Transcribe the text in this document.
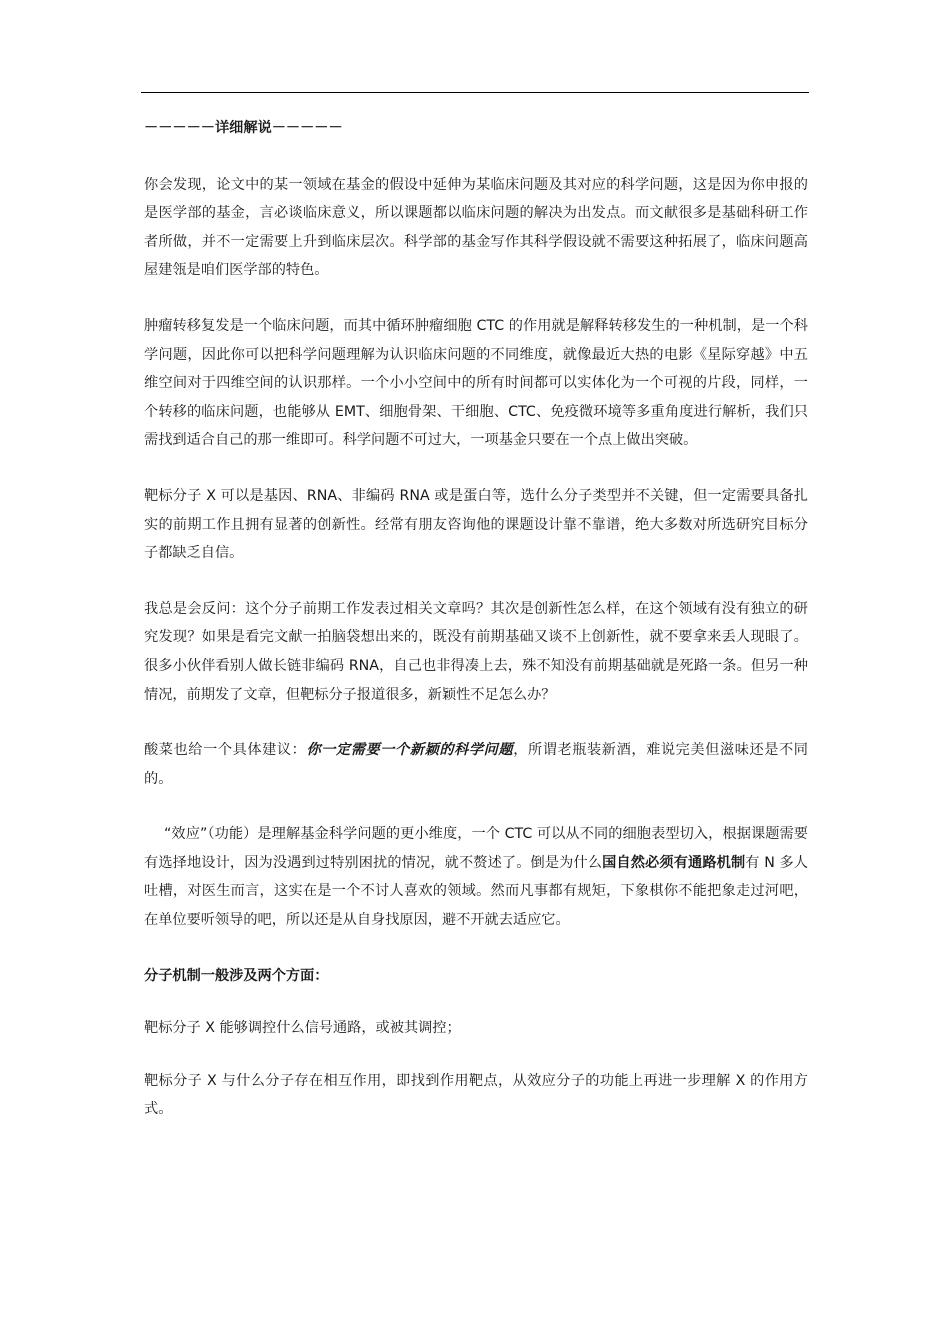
－－－－－详细解说－－－－－

你会发现，论文中的某一领域在基金的假设中延伸为某临床问题及其对应的科学问题，这是因为你申报的是医学部的基金，言必谈临床意义，所以课题都以临床问题的解决为出发点。而文献很多是基础科研工作者所做，并不一定需要上升到临床层次。科学部的基金写作其科学假设就不需要这种拓展了，临床问题高屋建瓴是咱们医学部的特色。

肿瘤转移复发是一个临床问题，而其中循环肿瘤细胞 CTC 的作用就是解释转移发生的一种机制，是一个科学问题，因此你可以把科学问题理解为认识临床问题的不同维度，就像最近大热的电影《星际穿越》中五维空间对于四维空间的认识那样。一个小小空间中的所有时间都可以实体化为一个可视的片段，同样，一个转移的临床问题，也能够从 EMT、细胞骨架、干细胞、CTC、免疫微环境等多重角度进行解析，我们只需找到适合自己的那一维即可。科学问题不可过大，一项基金只要在一个点上做出突破。

靶标分子 X 可以是基因、RNA、非编码 RNA 或是蛋白等，选什么分子类型并不关键，但一定需要具备扎实的前期工作且拥有显著的创新性。经常有朋友咨询他的课题设计靠不靠谱，绝大多数对所选研究目标分子都缺乏自信。

我总是会反问：这个分子前期工作发表过相关文章吗？其次是创新性怎么样，在这个领域有没有独立的研究发现？如果是看完文献一拍脑袋想出来的，既没有前期基础又谈不上创新性，就不要拿来丢人现眼了。很多小伙伴看别人做长链非编码 RNA，自己也非得凑上去，殊不知没有前期基础就是死路一条。但另一种情况，前期发了文章，但靶标分子报道很多，新颖性不足怎么办？

酸菜也给一个具体建议：你一定需要一个新颖的科学问题，所谓老瓶装新酒，难说完美但滋味还是不同的。

“效应”（功能）是理解基金科学问题的更小维度，一个 CTC 可以从不同的细胞表型切入，根据课题需要有选择地设计，因为没遇到过特别困扰的情况，就不赘述了。倒是为什么国自然必须有通路机制有 N 多人吐槽，对医生而言，这实在是一个不讨人喜欢的领域。然而凡事都有规矩，下象棋你不能把象走过河吧，在单位要听领导的吧，所以还是从自身找原因，避不开就去适应它。

分子机制一般涉及两个方面：

靶标分子 X 能够调控什么信号通路，或被其调控；

靶标分子 X 与什么分子存在相互作用，即找到作用靶点，从效应分子的功能上再进一步理解 X 的作用方式。
